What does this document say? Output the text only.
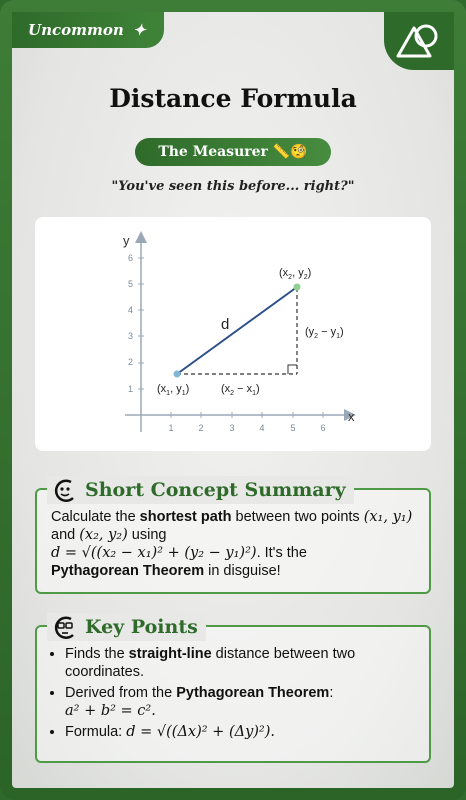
Uncommon ✦
Distance Formula
The Measurer 📏🧐
"You've seen this before... right?"
y
x
1	2	3	4	5	6
1
2
3
4
5
6
d
($x_1$, $y_1$)	$(x_2 - x_1)$
($x_2$, $y_2$)
$(y_2 - y_1)$
Short Concept Summary
Calculate the shortest path between two points (x₁, y₁) and (x₂, y₂) using
d = √((x₂ − x₁)² + (y₂ − y₁)²). It's the
Pythagorean Theorem in disguise!
Key Points
• Finds the straight-line distance between two coordinates.
• Derived from the Pythagorean Theorem:
a² + b² = c².
• Formula: d = √((Δx)² + (Δy)²).
